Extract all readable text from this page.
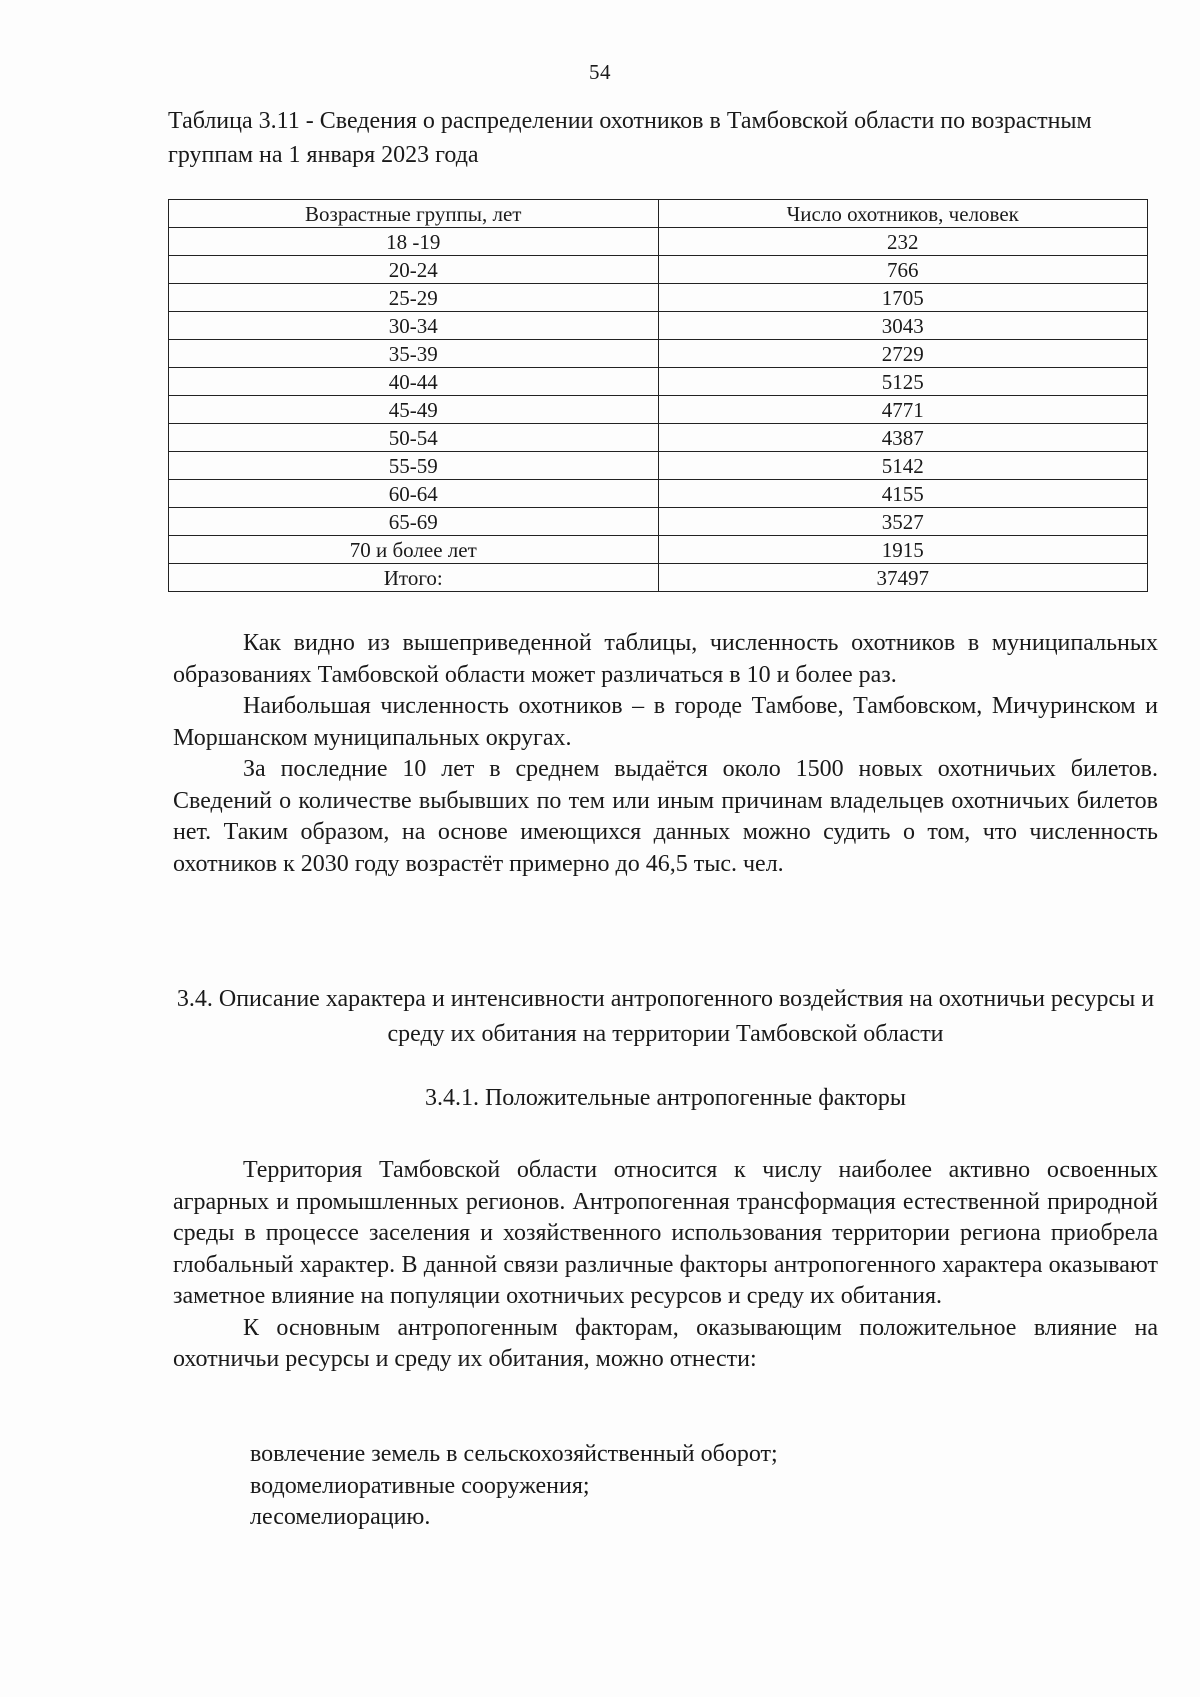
54
Таблица 3.11 - Сведения о распределении охотников в Тамбовской области по возрастным группам на 1 января 2023 года
Возрастные группы, лет	Число охотников, человек
18 -19	232
20-24	766
25-29	1705
30-34	3043
35-39	2729
40-44	5125
45-49	4771
50-54	4387
55-59	5142
60-64	4155
65-69	3527
70 и более лет	1915
Итого:	37497

Как видно из вышеприведенной таблицы, численность охотников в муниципальных образованиях Тамбовской области может различаться в 10 и более раз.

Наибольшая численность охотников – в городе Тамбове, Тамбовском, Мичуринском и Моршанском муниципальных округах.

За последние 10 лет в среднем выдаётся около 1500 новых охотничьих билетов. Сведений о количестве выбывших по тем или иным причинам владельцев охотничьих билетов нет. Таким образом, на основе имеющихся данных можно судить о том, что численность охотников к 2030 году возрастёт примерно до 46,5 тыс. чел.

3.4. Описание характера и интенсивности антропогенного воздействия на охотничьи ресурсы и среду их обитания на территории Тамбовской области
3.4.1. Положительные антропогенные факторы

Территория Тамбовской области относится к числу наиболее активно освоенных аграрных и промышленных регионов. Антропогенная трансформация естественной природной среды в процессе заселения и хозяйственного использования территории региона приобрела глобальный характер. В данной связи различные факторы антропогенного характера оказывают заметное влияние на популяции охотничьих ресурсов и среду их обитания.

К основным антропогенным факторам, оказывающим положительное влияние на охотничьи ресурсы и среду их обитания, можно отнести:

вовлечение земель в сельскохозяйственный оборот;
водомелиоративные сооружения;
лесомелиорацию.
